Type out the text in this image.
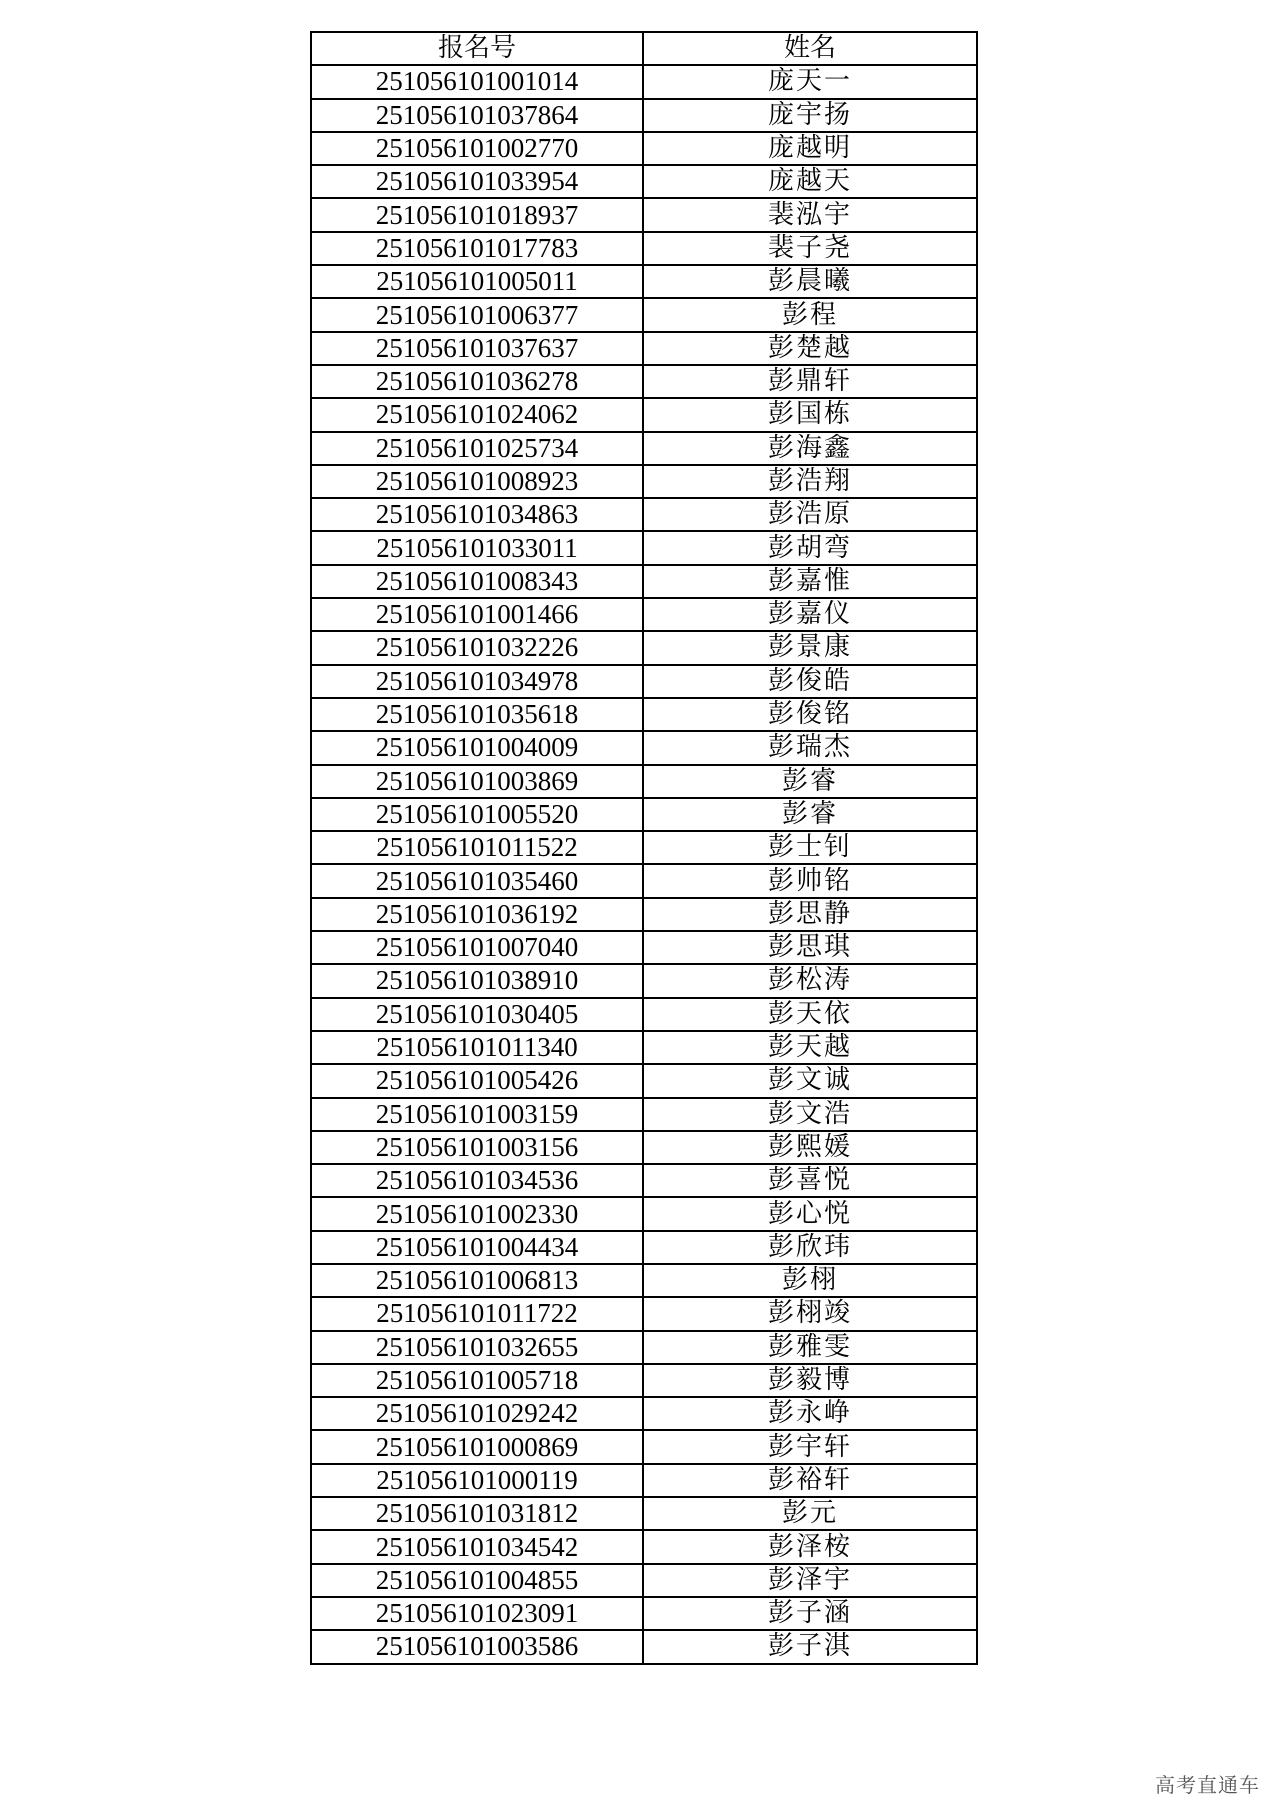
报名号	姓名
251056101001014	庞天一
251056101037864	庞宇扬
251056101002770	庞越明
251056101033954	庞越天
251056101018937	裴泓宇
251056101017783	裴子尧
251056101005011	彭晨曦
251056101006377	彭程
251056101037637	彭楚越
251056101036278	彭鼎轩
251056101024062	彭国栋
251056101025734	彭海鑫
251056101008923	彭浩翔
251056101034863	彭浩原
251056101033011	彭胡弯
251056101008343	彭嘉惟
251056101001466	彭嘉仪
251056101032226	彭景康
251056101034978	彭俊皓
251056101035618	彭俊铭
251056101004009	彭瑞杰
251056101003869	彭睿
251056101005520	彭睿
251056101011522	彭士钊
251056101035460	彭帅铭
251056101036192	彭思静
251056101007040	彭思琪
251056101038910	彭松涛
251056101030405	彭天依
251056101011340	彭天越
251056101005426	彭文诚
251056101003159	彭文浩
251056101003156	彭熙媛
251056101034536	彭喜悦
251056101002330	彭心悦
251056101004434	彭欣玮
251056101006813	彭栩
251056101011722	彭栩竣
251056101032655	彭雅雯
251056101005718	彭毅博
251056101029242	彭永峥
251056101000869	彭宇轩
251056101000119	彭裕轩
251056101031812	彭元
251056101034542	彭泽桉
251056101004855	彭泽宇
251056101023091	彭子涵
251056101003586	彭子淇
高考直通车
